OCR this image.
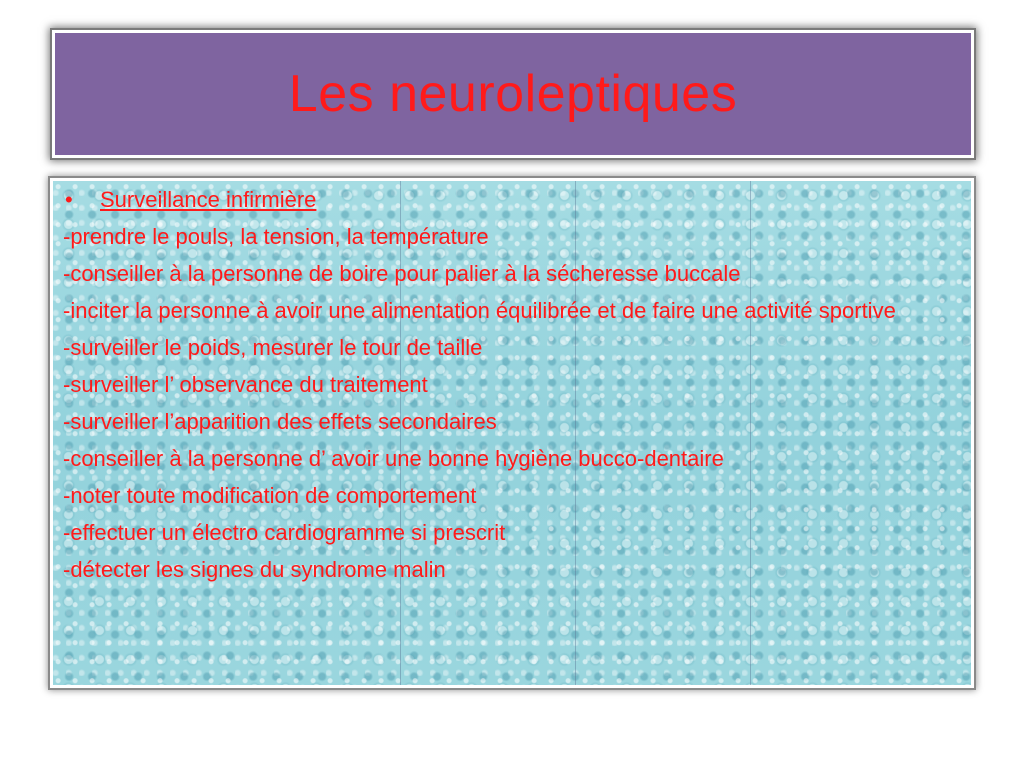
Les neuroleptiques
•	Surveillance infirmière
-prendre le pouls, la tension, la température
-conseiller à la personne de boire pour palier à la sécheresse buccale
-inciter la personne à avoir une alimentation équilibrée et de faire une activité sportive
-surveiller le poids, mesurer le tour de taille
-surveiller l’ observance du traitement
-surveiller l’apparition des effets secondaires
-conseiller à la personne d’ avoir une bonne hygiène bucco-dentaire
-noter toute modification de comportement
-effectuer un électro cardiogramme si prescrit
-détecter les signes du syndrome malin
